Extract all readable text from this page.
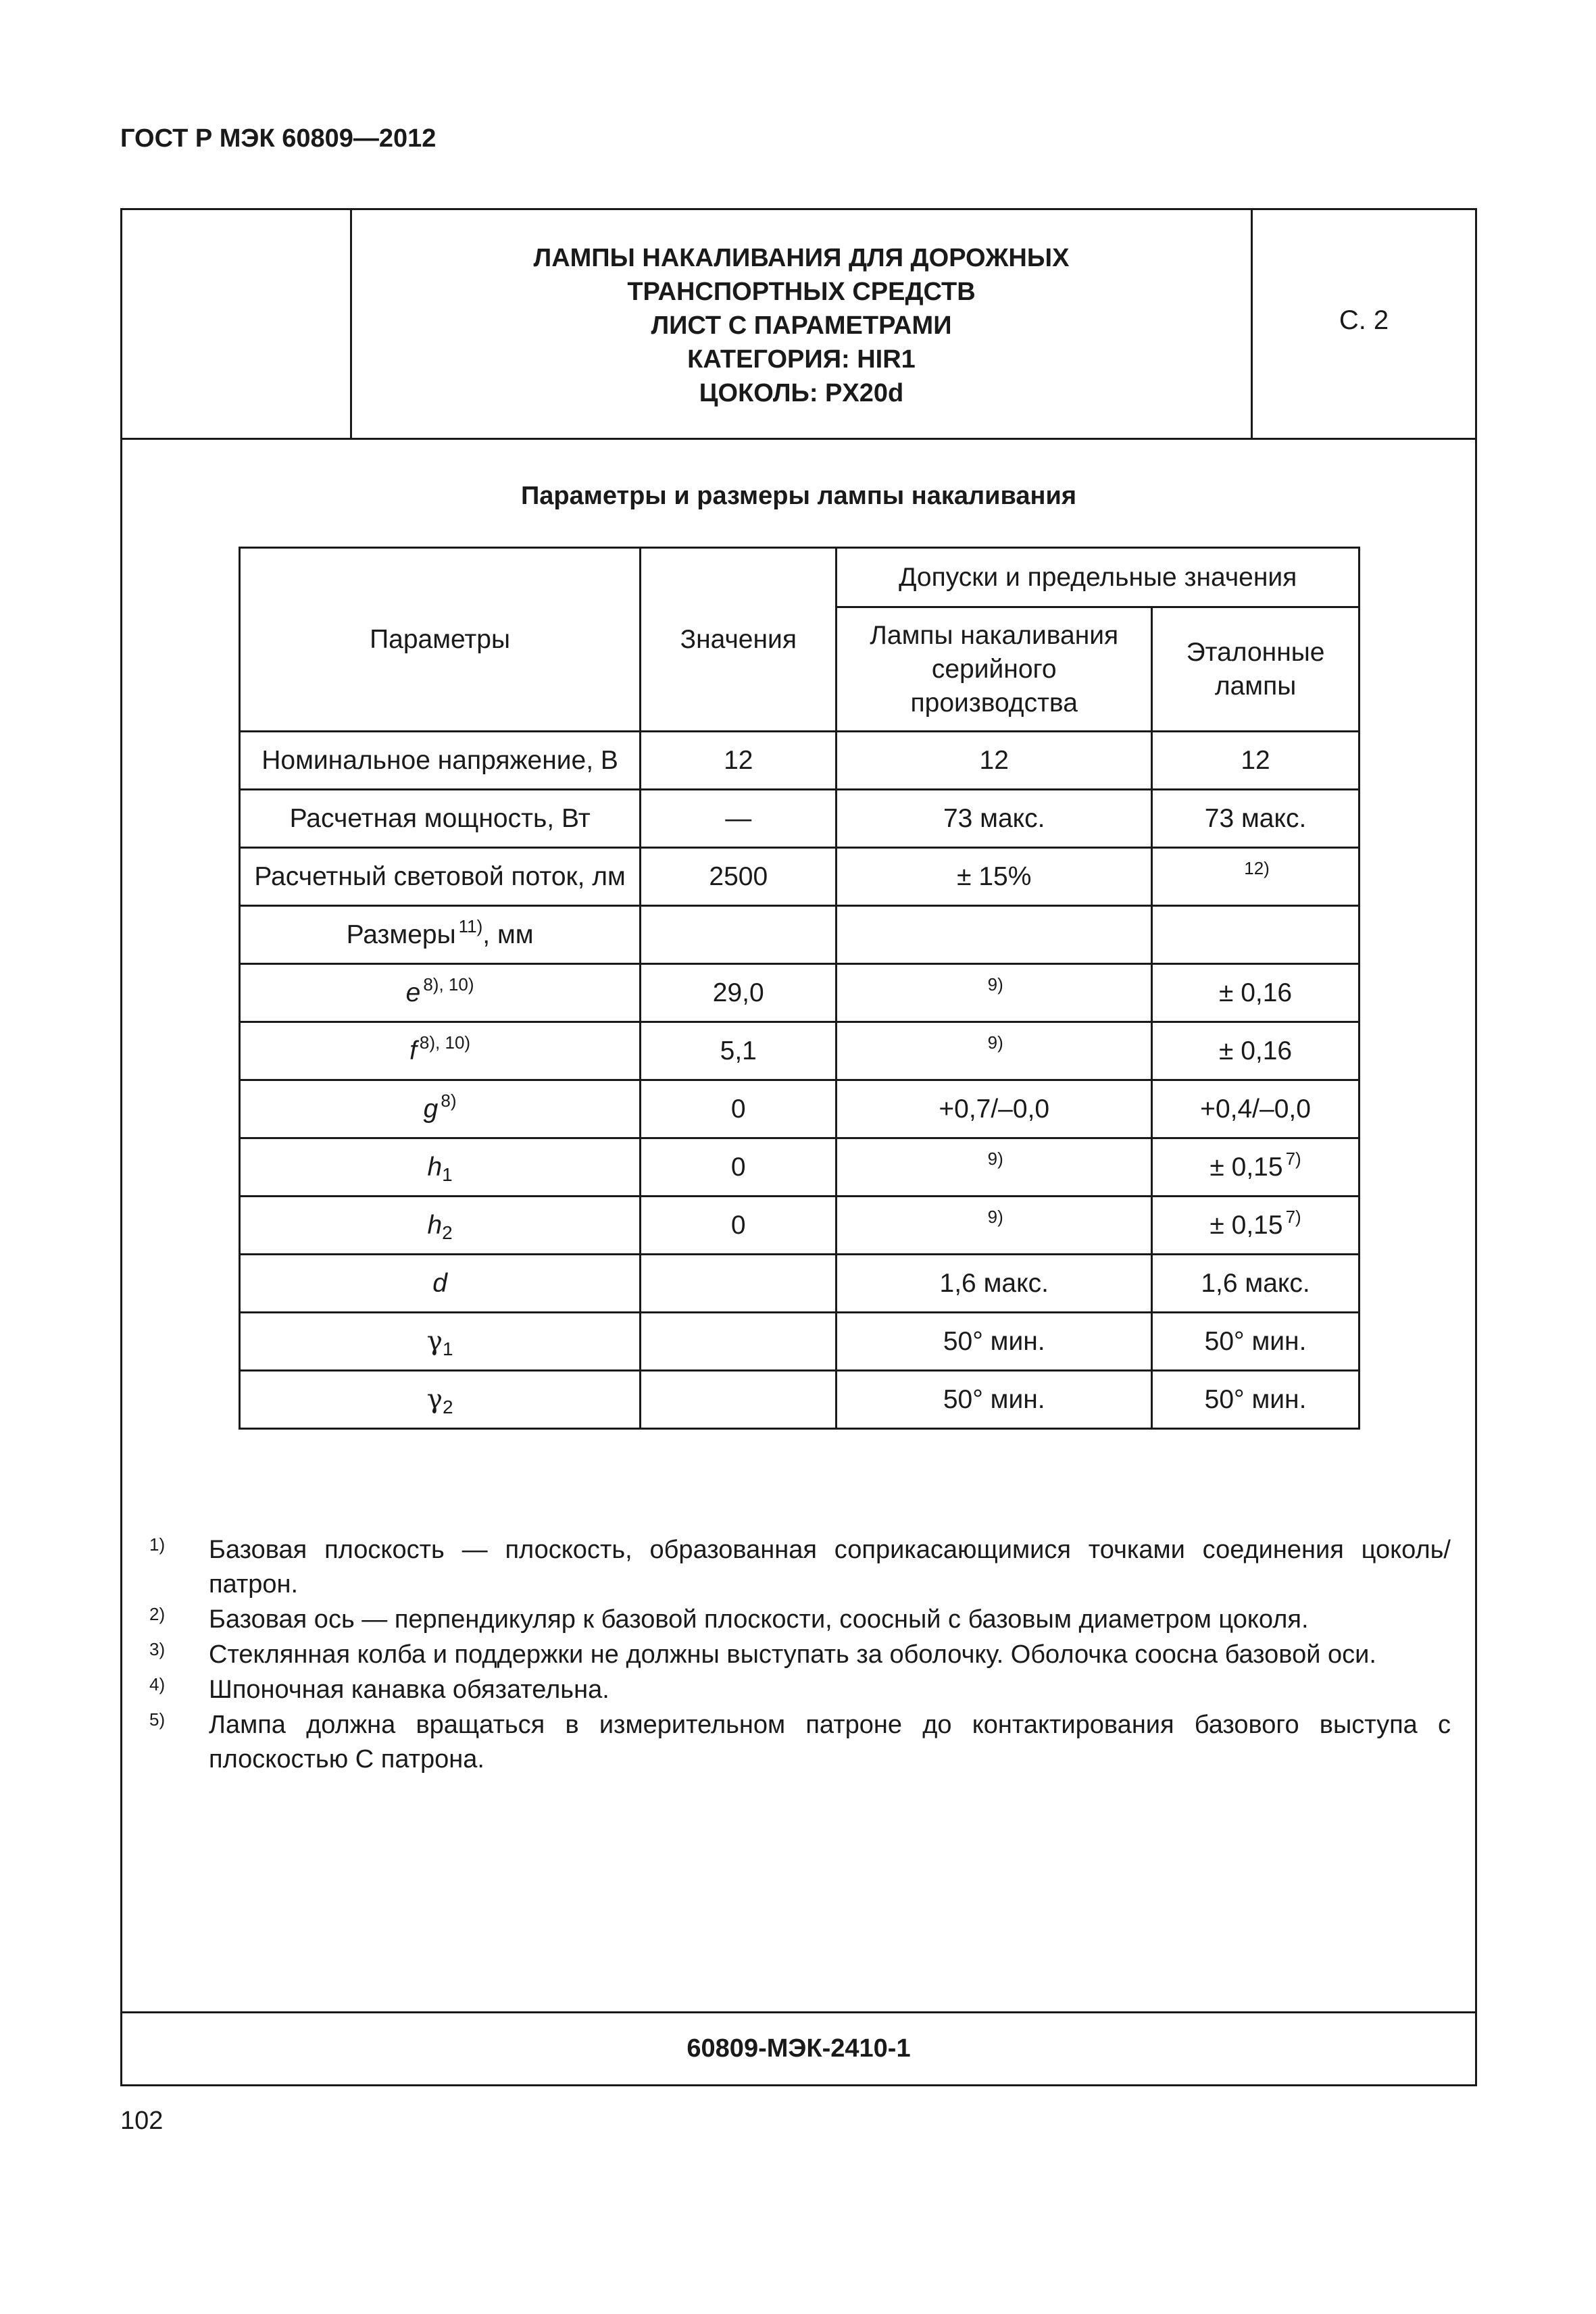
ГОСТ Р МЭК 60809—2012
ЛАМПЫ НАКАЛИВАНИЯ ДЛЯ ДОРОЖНЫХ
ТРАНСПОРТНЫХ СРЕДСТВ
ЛИСТ С ПАРАМЕТРАМИ
КАТЕГОРИЯ: HIR1
ЦОКОЛЬ: PX20d
С. 2
Параметры и размеры лампы накаливания
Параметры	Значения	Допуски и предельные значения	
		Лампы накаливания серийного производства	Эталонные лампы
Номинальное напряжение, В	12	12	12
Расчетная мощность, Вт	—	73 макс.	73 макс.
Расчетный световой поток, лм	2500	± 15%	$^{12)}$
Размеры $^{11)}$, мм			
e $^{8), 10)}$	29,0	$^{9)}$	± 0,16
f $^{8), 10)}$	5,1	$^{9)}$	± 0,16
g $^{8)}$	0	+0,7/–0,0	+0,4/–0,0
$h_1$	0	$^{9)}$	± 0,15 $^{7)}$
$h_2$	0	$^{9)}$	± 0,15 $^{7)}$
d		1,6 макс.	1,6 макс.
$\gamma_1$		50° мин.	50° мин.
$\gamma_2$		50° мин.	50° мин.
1) Базовая плоскость — плоскость, образованная соприкасающимися точками соединения цоколь/патрон.
2) Базовая ось — перпендикуляр к базовой плоскости, соосный с базовым диаметром цоколя.
3) Стеклянная колба и поддержки не должны выступать за оболочку. Оболочка соосна базовой оси.
4) Шпоночная канавка обязательна.
5) Лампа должна вращаться в измерительном патроне до контактирования базового выступа с плоскостью С патрона.
60809-МЭК-2410-1
102
